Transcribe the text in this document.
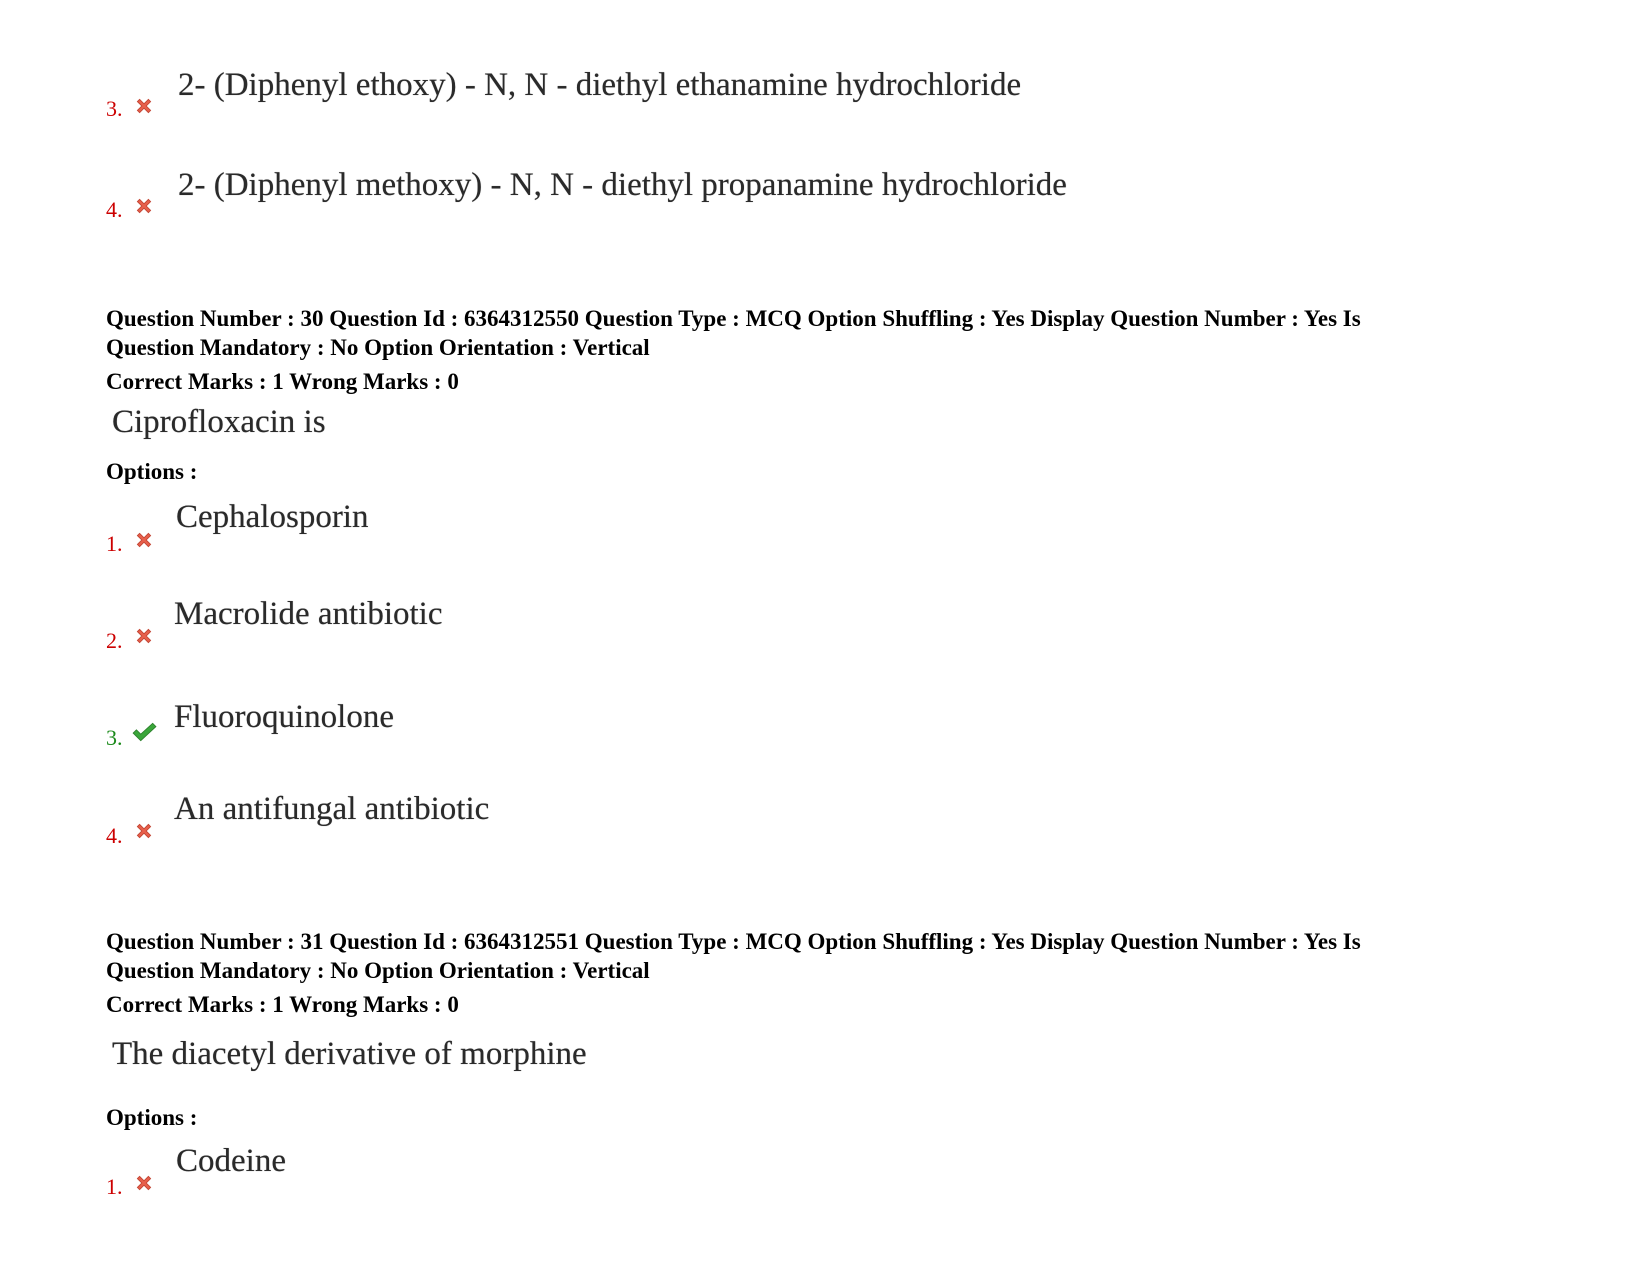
3.
2- (Diphenyl ethoxy) - N, N - diethyl ethanamine hydrochloride
4.
2- (Diphenyl methoxy) - N, N - diethyl propanamine hydrochloride
Question Number : 30 Question Id : 6364312550 Question Type : MCQ Option Shuffling : Yes Display Question Number : Yes Is
Question Mandatory : No Option Orientation : Vertical
Correct Marks : 1 Wrong Marks : 0
Ciprofloxacin is
Options :
1.
Cephalosporin
2.
Macrolide antibiotic
3.
Fluoroquinolone
4.
An antifungal antibiotic
Question Number : 31 Question Id : 6364312551 Question Type : MCQ Option Shuffling : Yes Display Question Number : Yes Is
Question Mandatory : No Option Orientation : Vertical
Correct Marks : 1 Wrong Marks : 0
The diacetyl derivative of morphine
Options :
1.
Codeine
